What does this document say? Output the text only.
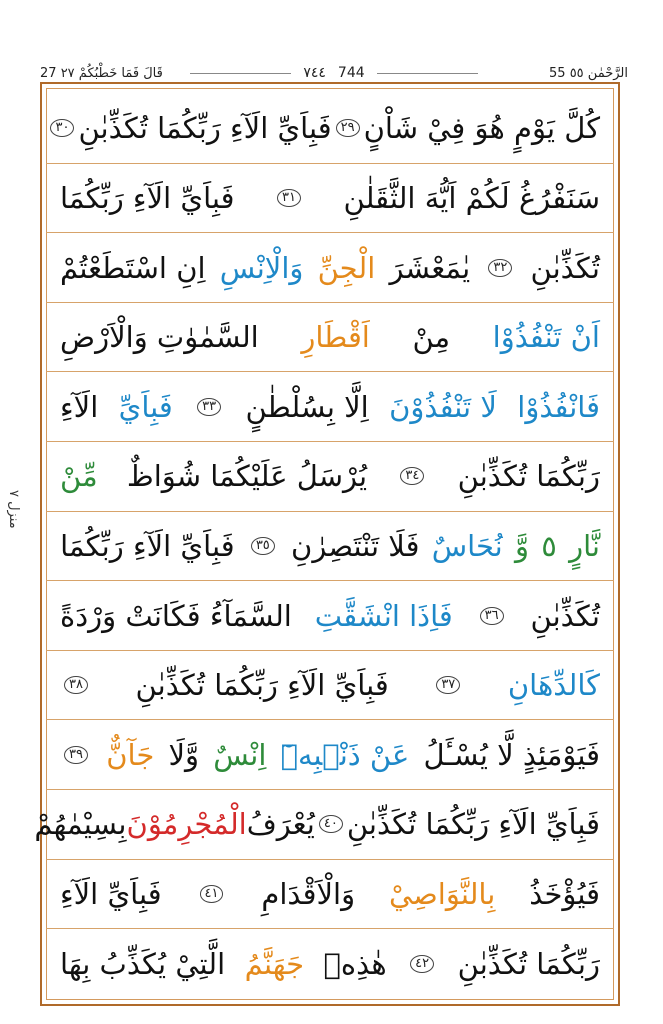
27 قَالَ فَمَا خَطْبُكُمْ ٢٧	٧٤٤ 744	55 الرَّحْمٰن ٥٥
منزل ٧
كُلَّ يَوْمٍ هُوَ فِيْ شَاْنٍ
٢٩
فَبِاَيِّ الَآءِ رَبِّكُمَا تُكَذِّبٰنِ
٣٠
سَنَفْرُغُ لَكُمْ اَيُّهَ الثَّقَلٰنِ
٣١
فَبِاَيِّ الَآءِ رَبِّكُمَا
تُكَذِّبٰنِ
٣٢
يٰمَعْشَرَ
الْجِنِّ
وَالْاِنْسِ
اِنِ اسْتَطَعْتُمْ
اَنْ تَنْفُذُوْا
مِنْ
اَقْطَارِ
السَّمٰوٰتِ وَالْاَرْضِ
فَانْفُذُوْا
لَا تَنْفُذُوْنَ
اِلَّا بِسُلْطٰنٍ
٣٣
فَبِاَيِّ
الَآءِ
رَبِّكُمَا تُكَذِّبٰنِ
٣٤
يُرْسَلُ عَلَيْكُمَا شُوَاظٌ
مِّنْ
نَّارٍ
٥
وَّ
نُحَاسٌ
فَلَا تَنْتَصِرٰنِ
٣٥
فَبِاَيِّ الَآءِ رَبِّكُمَا
تُكَذِّبٰنِ
٣٦
فَاِذَا انْشَقَّتِ
السَّمَآءُ فَكَانَتْ وَرْدَةً
كَالدِّهَانِ
٣٧
فَبِاَيِّ الَآءِ رَبِّكُمَا تُكَذِّبٰنِ
٣٨
فَيَوْمَئِذٍ لَّا يُسْـَٔلُ
عَنْ ذَنْۢبِهٖٓ
اِنْسٌ
وَّلَا
جَآنٌّ
٣٩
فَبِاَيِّ الَآءِ رَبِّكُمَا تُكَذِّبٰنِ
٤٠
يُعْرَفُ
الْمُجْرِمُوْنَ
بِسِيْمٰهُمْ
فَيُؤْخَذُ
بِالنَّوَاصِيْ
وَالْاَقْدَامِ
٤١
فَبِاَيِّ الَآءِ
رَبِّكُمَا تُكَذِّبٰنِ
٤٢
هٰذِهٖ
جَهَنَّمُ
الَّتِيْ يُكَذِّبُ بِهَا
